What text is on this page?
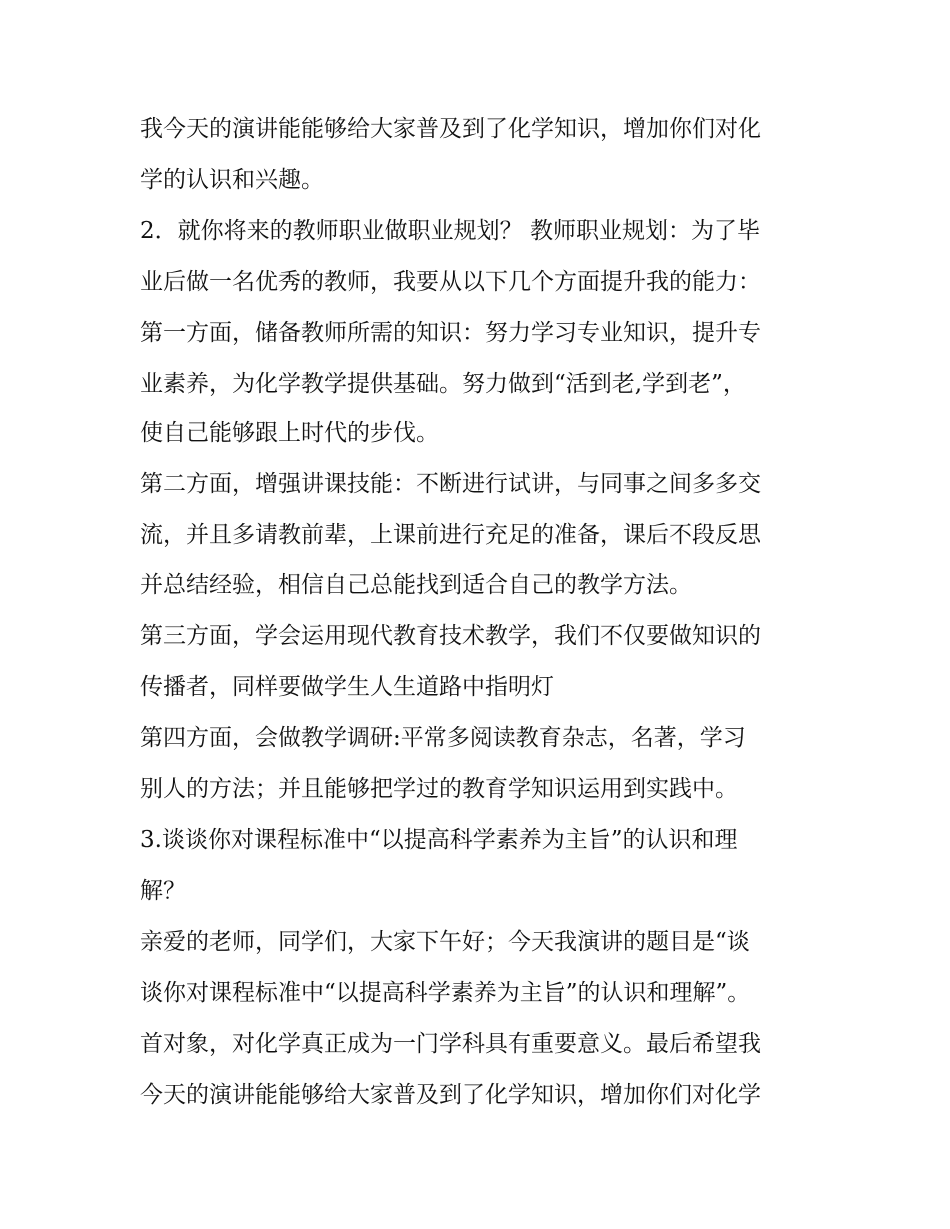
我今天的演讲能能够给大家普及到了化学知识，增加你们对化
学的认识和兴趣。
2．就你将来的教师职业做职业规划？ 教师职业规划：为了毕
业后做一名优秀的教师，我要从以下几个方面提升我的能力：
第一方面，储备教师所需的知识：努力学习专业知识，提升专
业素养，为化学教学提供基础。努力做到“活到老,学到老”，
使自己能够跟上时代的步伐。
第二方面，增强讲课技能：不断进行试讲，与同事之间多多交
流，并且多请教前辈，上课前进行充足的准备，课后不段反思
并总结经验，相信自己总能找到适合自己的教学方法。
第三方面，学会运用现代教育技术教学，我们不仅要做知识的
传播者，同样要做学生人生道路中指明灯
第四方面，会做教学调研:平常多阅读教育杂志，名著，学习
别人的方法；并且能够把学过的教育学知识运用到实践中。
3.谈谈你对课程标准中“以提高科学素养为主旨”的认识和理
解？
亲爱的老师，同学们，大家下午好；今天我演讲的题目是“谈
谈你对课程标准中“以提高科学素养为主旨”的认识和理解”。
首对象，对化学真正成为一门学科具有重要意义。最后希望我
今天的演讲能能够给大家普及到了化学知识，增加你们对化学
